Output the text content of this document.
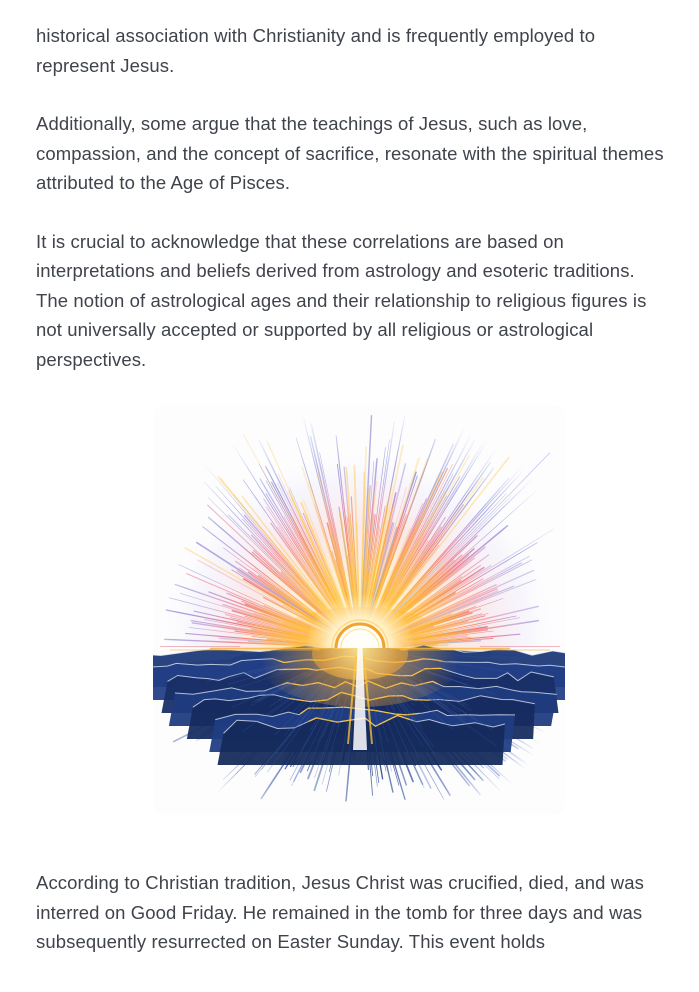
historical association with Christianity and is frequently employed to represent Jesus.

Additionally, some argue that the teachings of Jesus, such as love, compassion, and the concept of sacrifice, resonate with the spiritual themes attributed to the Age of Pisces.

It is crucial to acknowledge that these correlations are based on interpretations and beliefs derived from astrology and esoteric traditions. The notion of astrological ages and their relationship to religious figures is not universally accepted or supported by all religious or astrological perspectives.

According to Christian tradition, Jesus Christ was crucified, died, and was interred on Good Friday. He remained in the tomb for three days and was subsequently resurrected on Easter Sunday. This event holds
